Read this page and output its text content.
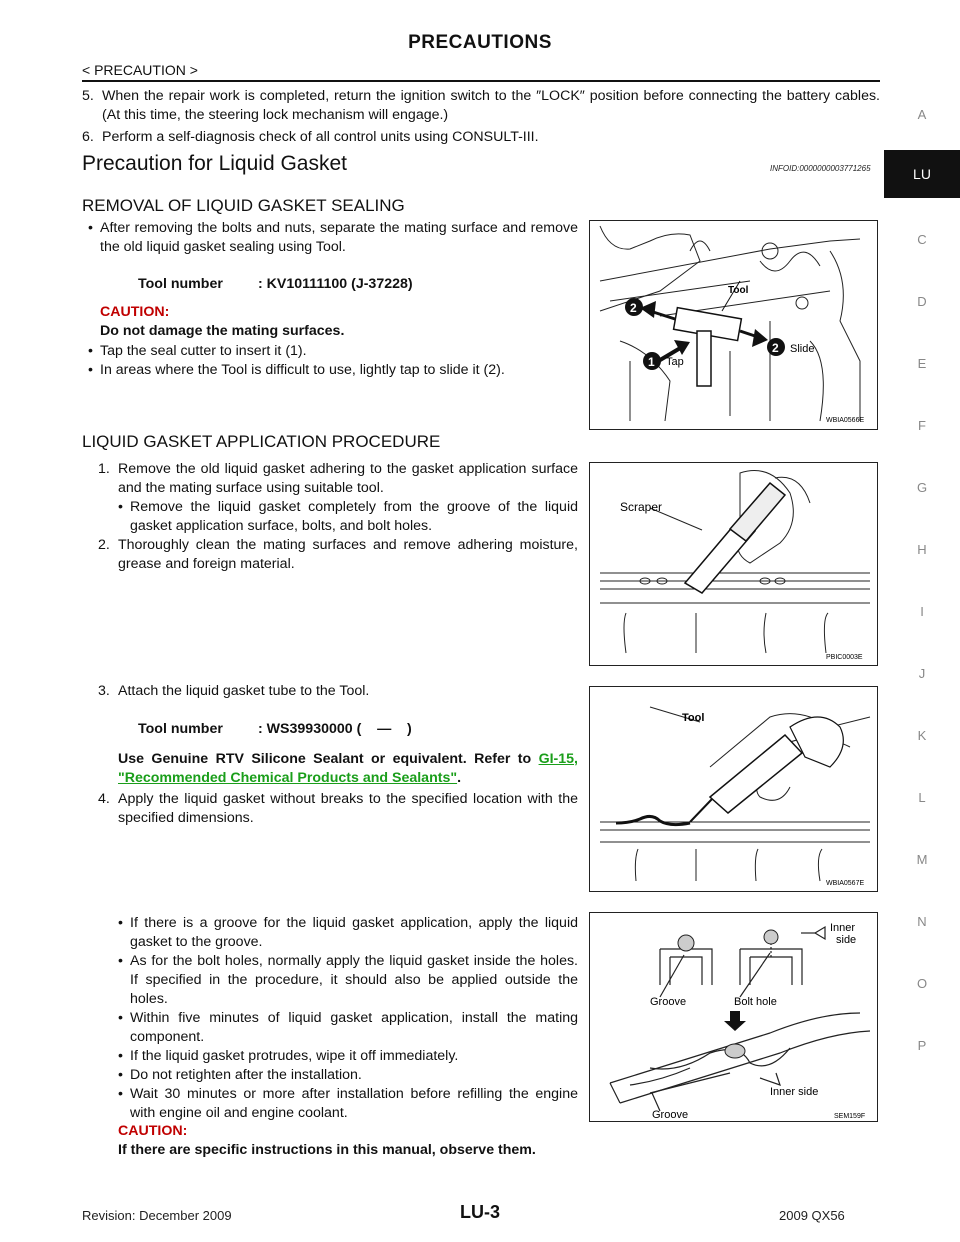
PRECAUTIONS
< PRECAUTION >
5. When the repair work is completed, return the ignition switch to the ″LOCK″ position before connecting the battery cables. (At this time, the steering lock mechanism will engage.)
6. Perform a self-diagnosis check of all control units using CONSULT-III.
Precaution for Liquid Gasket	INFOID:0000000003771265
REMOVAL OF LIQUID GASKET SEALING
• After removing the bolts and nuts, separate the mating surface and remove the old liquid gasket sealing using Tool.
Tool number : KV10111100 (J-37228)
CAUTION:
Do not damage the mating surfaces.
• Tap the seal cutter to insert it (1).
• In areas where the Tool is difficult to use, lightly tap to slide it (2).
Tool
2
1 Tap
2 Slide
WBIA0566E
LIQUID GASKET APPLICATION PROCEDURE
1. Remove the old liquid gasket adhering to the gasket application surface and the mating surface using suitable tool.
• Remove the liquid gasket completely from the groove of the liquid gasket application surface, bolts, and bolt holes.
2. Thoroughly clean the mating surfaces and remove adhering moisture, grease and foreign material.
Scraper
PBIC0003E
3. Attach the liquid gasket tube to the Tool.
Tool number : WS39930000 (    —    )
Use Genuine RTV Silicone Sealant or equivalent. Refer to GI-15, "Recommended Chemical Products and Sealants".
4. Apply the liquid gasket without breaks to the specified location with the specified dimensions.
Tool
WBIA0567E
• If there is a groove for the liquid gasket application, apply the liquid gasket to the groove.
• As for the bolt holes, normally apply the liquid gasket inside the holes. If specified in the procedure, it should also be applied outside the holes.
• Within five minutes of liquid gasket application, install the mating component.
• If the liquid gasket protrudes, wipe it off immediately.
• Do not retighten after the installation.
• Wait 30 minutes or more after installation before refilling the engine with engine oil and engine coolant.
CAUTION:
If there are specific instructions in this manual, observe them.
Inner
side
Groove	Bolt hole
Inner side
Groove	SEM159F
A
LU
C
D
E
F
G
H
I
J
K
L
M
N
O
P
Revision: December 2009	LU-3	2009 QX56
